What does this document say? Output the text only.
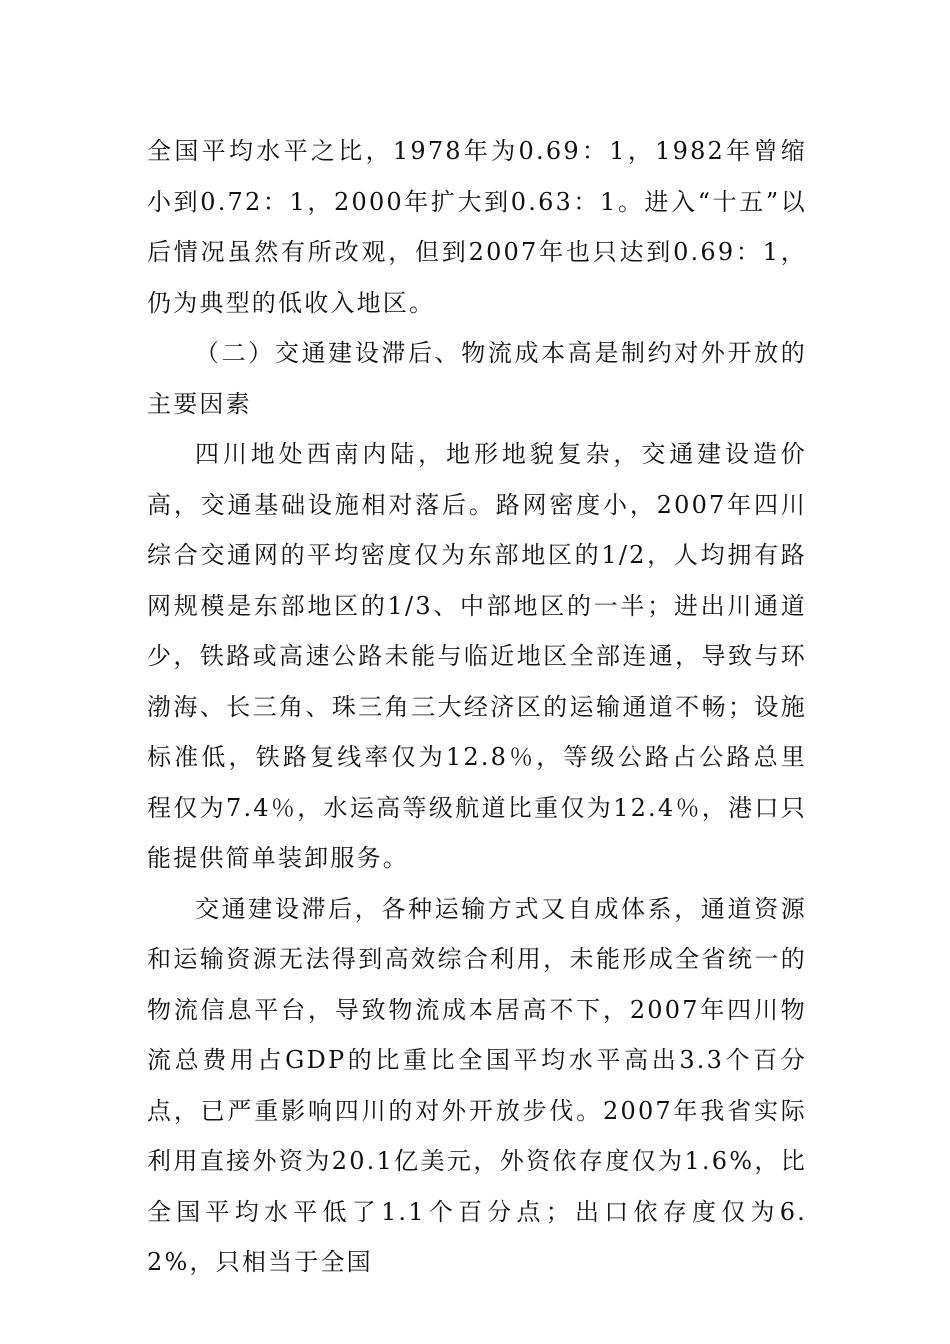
全国平均水平之比，1978年为0.69：1，1982年曾缩小到0.72：1，2000年扩大到0.63：1。进入“十五”以后情况虽然有所改观，但到2007年也只达到0.69：1，仍为典型的低收入地区。

（二）交通建设滞后、物流成本高是制约对外开放的主要因素

四川地处西南内陆，地形地貌复杂，交通建设造价高，交通基础设施相对落后。路网密度小，2007年四川综合交通网的平均密度仅为东部地区的1/2，人均拥有路网规模是东部地区的1/3、中部地区的一半；进出川通道少，铁路或高速公路未能与临近地区全部连通，导致与环渤海、长三角、珠三角三大经济区的运输通道不畅；设施标准低，铁路复线率仅为12.8％，等级公路占公路总里程仅为7.4％，水运高等级航道比重仅为12.4％，港口只能提供简单装卸服务。

交通建设滞后，各种运输方式又自成体系，通道资源和运输资源无法得到高效综合利用，未能形成全省统一的物流信息平台，导致物流成本居高不下，2007年四川物流总费用占GDP的比重比全国平均水平高出3.3个百分点，已严重影响四川的对外开放步伐。2007年我省实际利用直接外资为20.1亿美元，外资依存度仅为1.6%，比全国平均水平低了1.1个百分点；出口依存度仅为6.2%，只相当于全国
